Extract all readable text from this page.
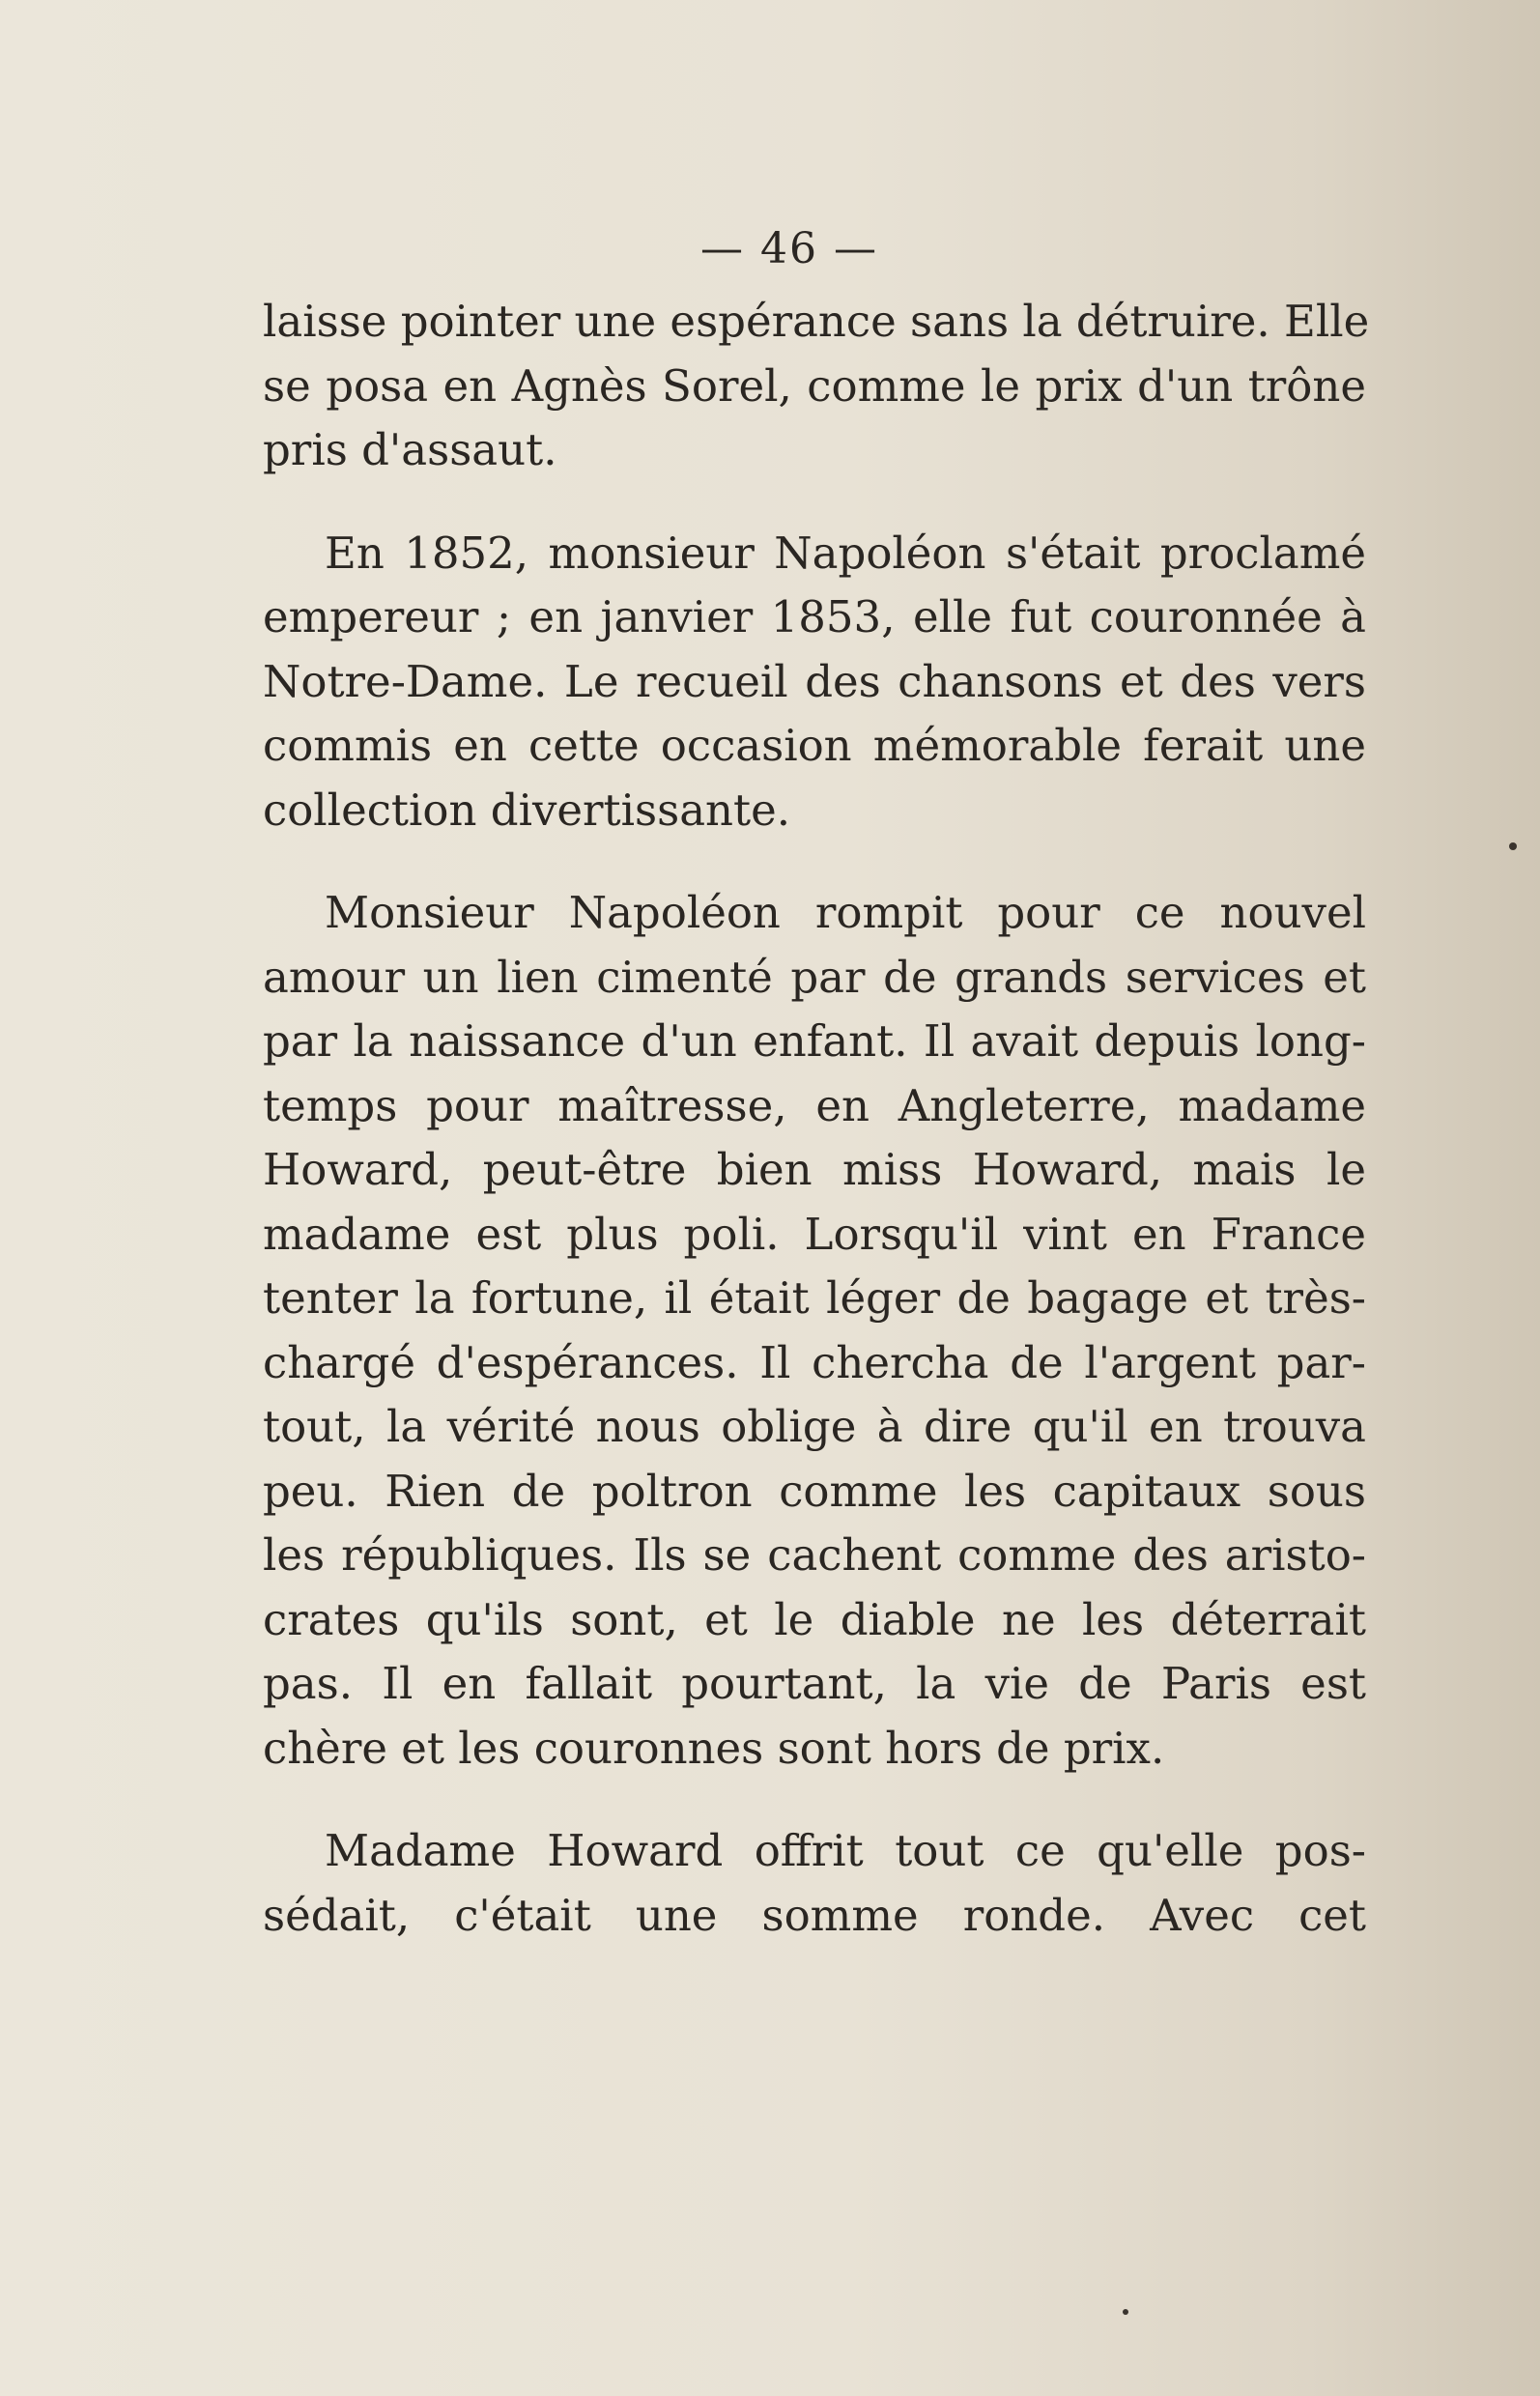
— 46 —
laisse pointer une espérance sans la détruire. Elle
se posa en Agnès Sorel, comme le prix d'un trône
pris d'assaut.
En 1852, monsieur Napoléon s'était proclamé
empereur ; en janvier 1853, elle fut couronnée à
Notre-Dame. Le recueil des chansons et des vers
commis en cette occasion mémorable ferait une
collection divertissante.
Monsieur Napoléon rompit pour ce nouvel
amour un lien cimenté par de grands services et
par la naissance d'un enfant. Il avait depuis long-
temps pour maîtresse, en Angleterre, madame
Howard, peut-être bien miss Howard, mais le
madame est plus poli. Lorsqu'il vint en France
tenter la fortune, il était léger de bagage et très-
chargé d'espérances. Il chercha de l'argent par-
tout, la vérité nous oblige à dire qu'il en trouva
peu. Rien de poltron comme les capitaux sous
les républiques. Ils se cachent comme des aristo-
crates qu'ils sont, et le diable ne les déterrait
pas. Il en fallait pourtant, la vie de Paris est
chère et les couronnes sont hors de prix.
Madame Howard offrit tout ce qu'elle pos-
sédait, c'était une somme ronde. Avec cet
